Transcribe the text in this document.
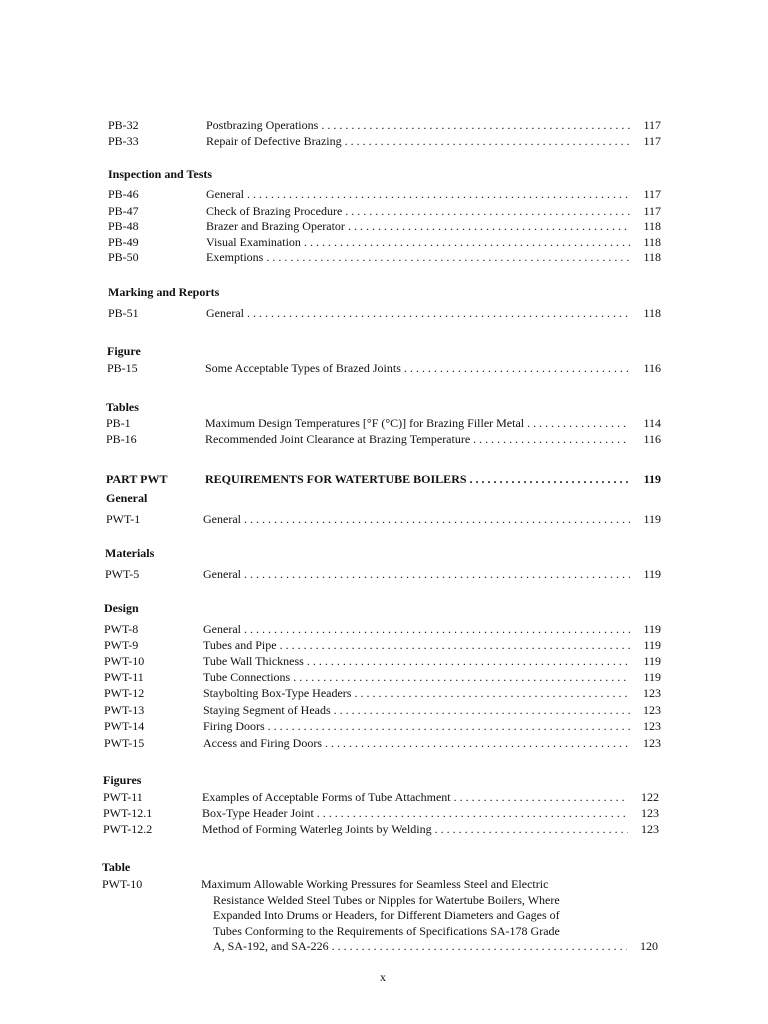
PB-32	Postbrazing Operations . . .	117
PB-33	Repair of Defective Brazing . . .	117
Inspection and Tests
PB-46	General . . .	117
PB-47	Check of Brazing Procedure . . .	117
PB-48	Brazer and Brazing Operator . . .	118
PB-49	Visual Examination . . .	118
PB-50	Exemptions . . .	118
Marking and Reports
PB-51	General . . .	118
Figure
PB-15	Some Acceptable Types of Brazed Joints . . .	116
Tables
PB-1	Maximum Design Temperatures [°F (°C)] for Brazing Filler Metal . . .	114
PB-16	Recommended Joint Clearance at Brazing Temperature . . .	116
PART PWT	REQUIREMENTS FOR WATERTUBE BOILERS . . .	119
General
PWT-1	General . . .	119
Materials
PWT-5	General . . .	119
Design
PWT-8	General . . .	119
PWT-9	Tubes and Pipe . . .	119
PWT-10	Tube Wall Thickness . . .	119
PWT-11	Tube Connections . . .	119
PWT-12	Staybolting Box-Type Headers . . .	123
PWT-13	Staying Segment of Heads . . .	123
PWT-14	Firing Doors . . .	123
PWT-15	Access and Firing Doors . . .	123
Figures
PWT-11	Examples of Acceptable Forms of Tube Attachment . . .	122
PWT-12.1	Box-Type Header Joint . . .	123
PWT-12.2	Method of Forming Waterleg Joints by Welding . . .	123
Table
PWT-10	Maximum Allowable Working Pressures for Seamless Steel and Electric
Resistance Welded Steel Tubes or Nipples for Watertube Boilers, Where
Expanded Into Drums or Headers, for Different Diameters and Gages of
Tubes Conforming to the Requirements of Specifications SA-178 Grade
A, SA-192, and SA-226 . . .	120
x
